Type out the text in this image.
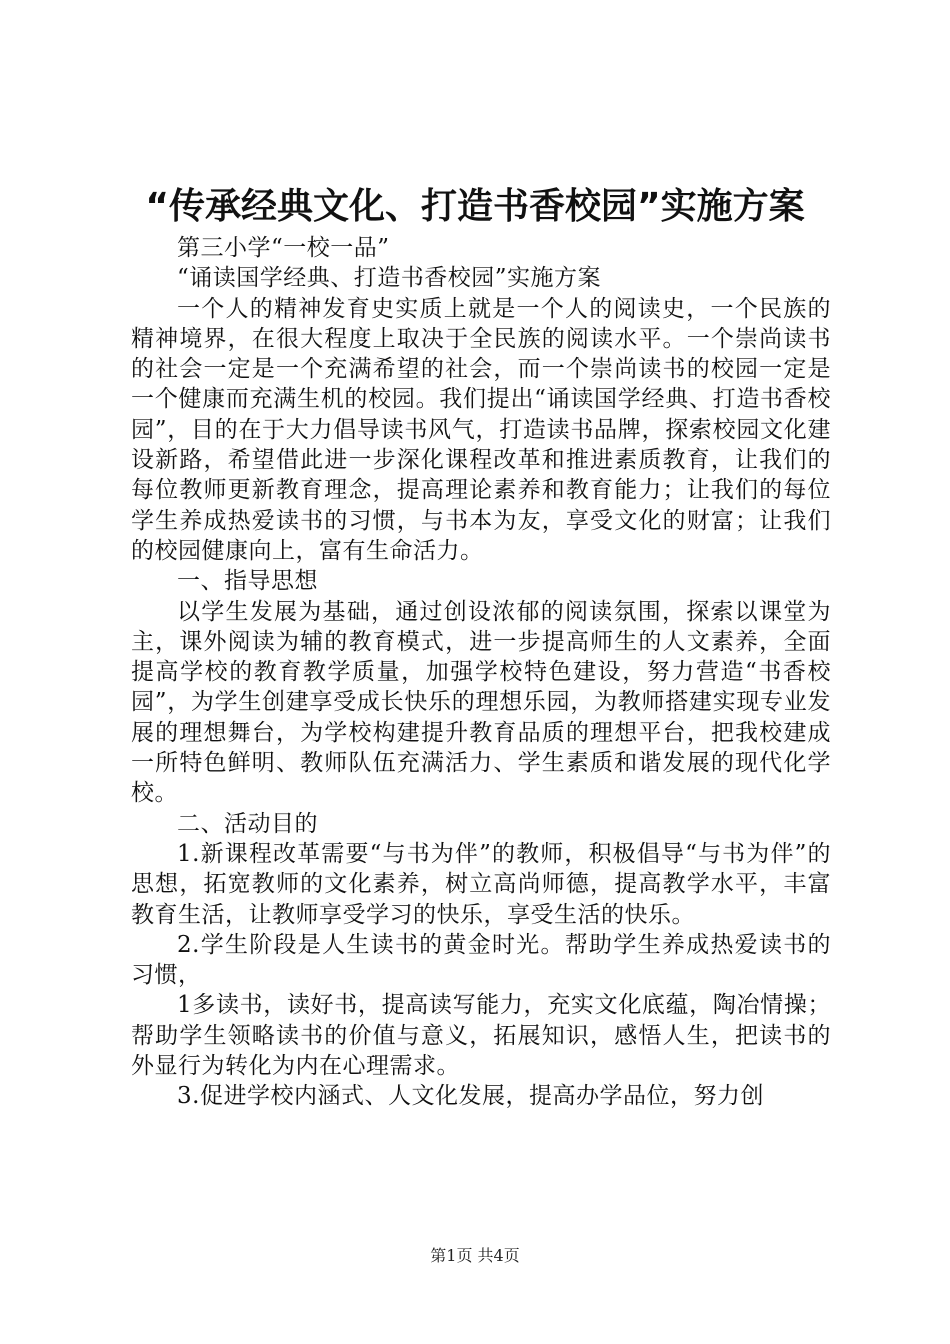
“传承经典文化、打造书香校园”实施方案

第三小学“一校一品”

“诵读国学经典、打造书香校园”实施方案

一个人的精神发育史实质上就是一个人的阅读史，一个民族的精神境界，在很大程度上取决于全民族的阅读水平。一个崇尚读书的社会一定是一个充满希望的社会，而一个崇尚读书的校园一定是一个健康而充满生机的校园。我们提出“诵读国学经典、打造书香校园”，目的在于大力倡导读书风气，打造读书品牌，探索校园文化建设新路，希望借此进一步深化课程改革和推进素质教育，让我们的每位教师更新教育理念，提高理论素养和教育能力；让我们的每位学生养成热爱读书的习惯，与书本为友，享受文化的财富；让我们的校园健康向上，富有生命活力。

一、指导思想

以学生发展为基础，通过创设浓郁的阅读氛围，探索以课堂为主，课外阅读为辅的教育模式，进一步提高师生的人文素养，全面提高学校的教育教学质量，加强学校特色建设，努力营造“书香校园”，为学生创建享受成长快乐的理想乐园，为教师搭建实现专业发展的理想舞台，为学校构建提升教育品质的理想平台，把我校建成一所特色鲜明、教师队伍充满活力、学生素质和谐发展的现代化学校。

二、活动目的

1.新课程改革需要“与书为伴”的教师，积极倡导“与书为伴”的思想，拓宽教师的文化素养，树立高尚师德，提高教学水平，丰富教育生活，让教师享受学习的快乐，享受生活的快乐。

2.学生阶段是人生读书的黄金时光。帮助学生养成热爱读书的习惯，

1多读书，读好书，提高读写能力，充实文化底蕴，陶冶情操；帮助学生领略读书的价值与意义，拓展知识，感悟人生，把读书的外显行为转化为内在心理需求。

3.促进学校内涵式、人文化发展，提高办学品位，努力创

第1页 共4页
